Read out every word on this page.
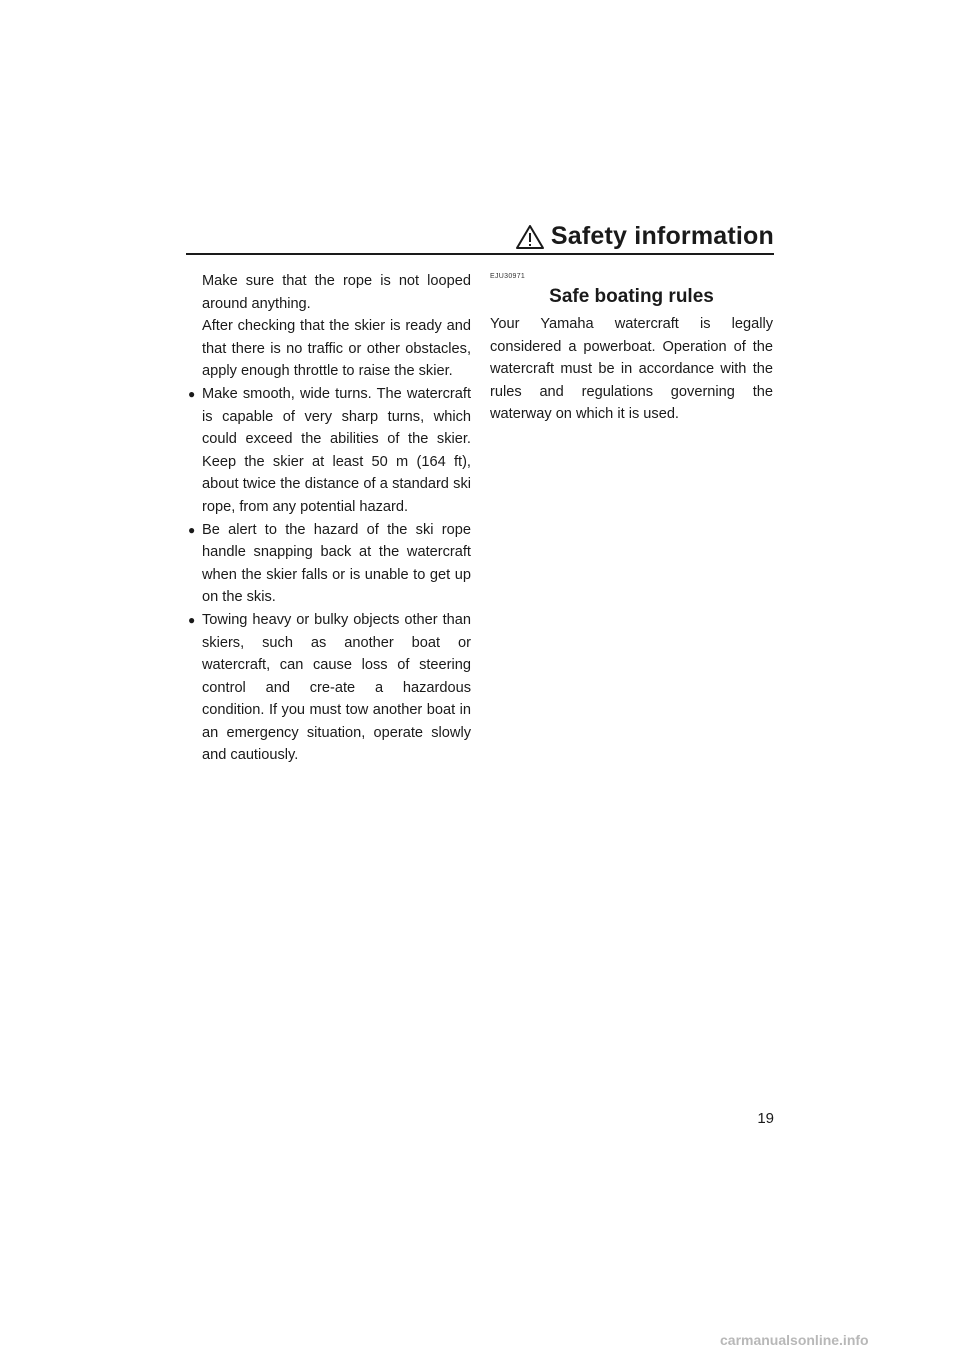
Safety information

Make sure that the rope is not looped around anything.

After checking that the skier is ready and that there is no traffic or other obstacles, apply enough throttle to raise the skier.

● Make smooth, wide turns. The watercraft is capable of very sharp turns, which could exceed the abilities of the skier. Keep the skier at least 50 m (164 ft), about twice the distance of a standard ski rope, from any potential hazard.
● Be alert to the hazard of the ski rope handle snapping back at the watercraft when the skier falls or is unable to get up on the skis.
● Towing heavy or bulky objects other than skiers, such as another boat or watercraft, can cause loss of steering control and cre-ate a hazardous condition. If you must tow another boat in an emergency situation, operate slowly and cautiously.
EJU30971
Safe boating rules

Your Yamaha watercraft is legally considered a powerboat. Operation of the watercraft must be in accordance with the rules and regulations governing the waterway on which it is used.

19
carmanualsonline.info
